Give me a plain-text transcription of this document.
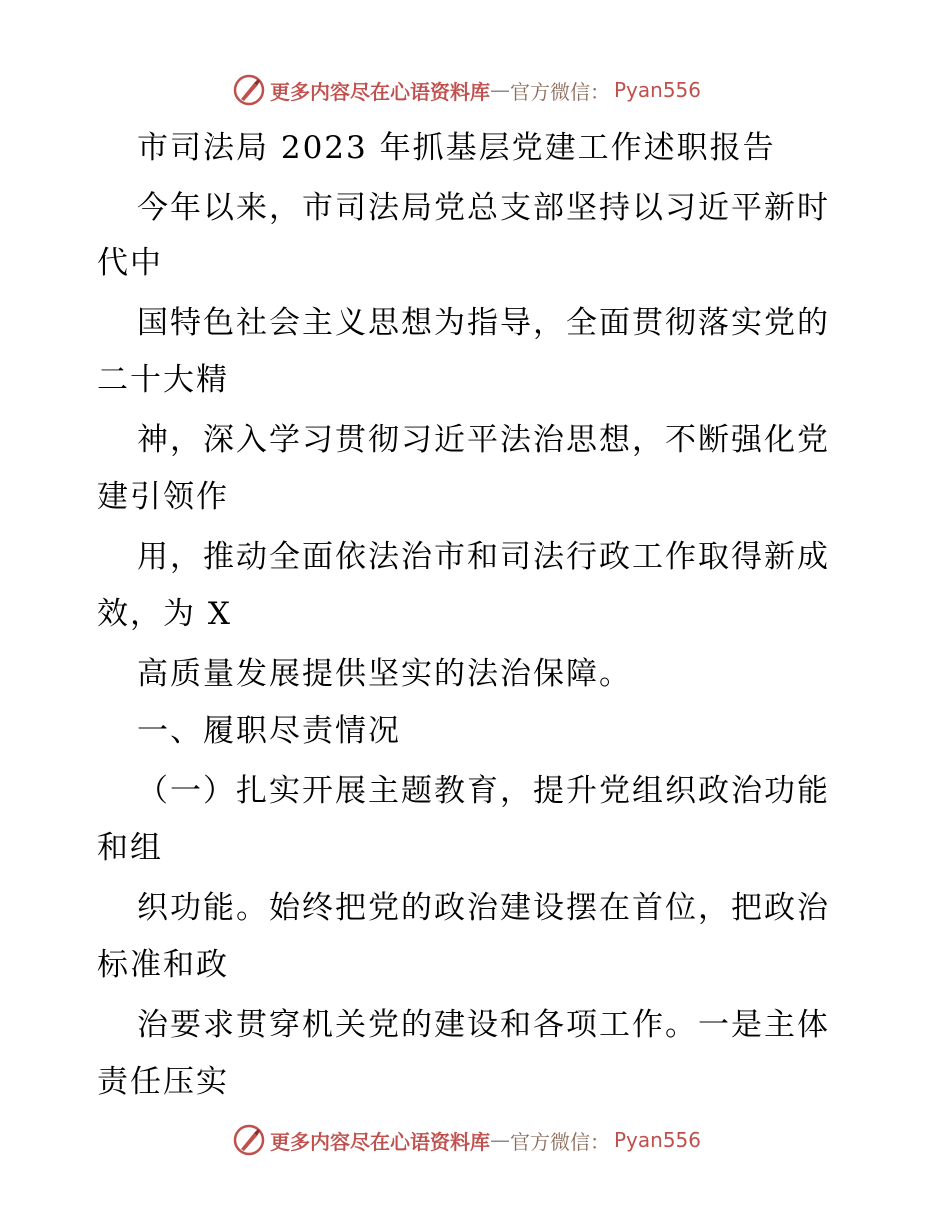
更多内容尽在心语资料库 — 官方微信： Pyan556
市司法局 2023 年抓基层党建工作述职报告
今年以来，市司法局党总支部坚持以习近平新时
代中
国特色社会主义思想为指导，全面贯彻落实党的
二十大精
神，深入学习贯彻习近平法治思想，不断强化党
建引领作
用，推动全面依法治市和司法行政工作取得新成
效，为 X
高质量发展提供坚实的法治保障。
一、履职尽责情况
（一）扎实开展主题教育，提升党组织政治功能
和组
织功能。始终把党的政治建设摆在首位，把政治
标准和政
治要求贯穿机关党的建设和各项工作。一是主体
责任压实
更多内容尽在心语资料库 — 官方微信： Pyan556
